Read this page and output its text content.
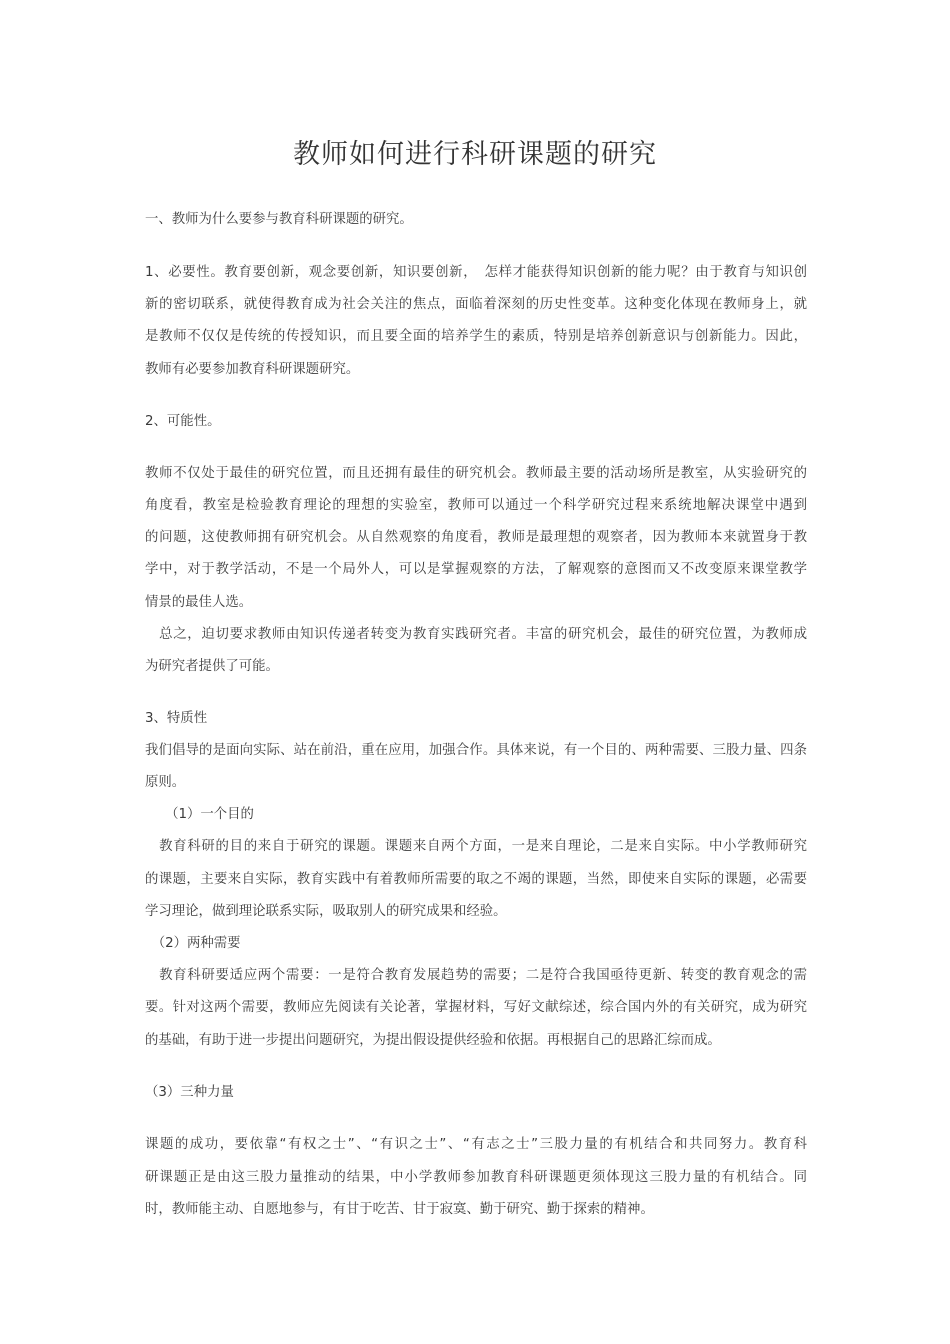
教师如何进行科研课题的研究

一、教师为什么要参与教育科研课题的研究。

1、必要性。教育要创新，观念要创新，知识要创新，　怎样才能获得知识创新的能力呢？由于教育与知识创

新的密切联系，就使得教育成为社会关注的焦点，面临着深刻的历史性变革。这种变化体现在教师身上，就

是教师不仅仅是传统的传授知识，而且要全面的培养学生的素质，特别是培养创新意识与创新能力。因此，

教师有必要参加教育科研课题研究。

2、可能性。

教师不仅处于最佳的研究位置，而且还拥有最佳的研究机会。教师最主要的活动场所是教室，从实验研究的

角度看，教室是检验教育理论的理想的实验室，教师可以通过一个科学研究过程来系统地解决课堂中遇到

的问题，这使教师拥有研究机会。从自然观察的角度看，教师是最理想的观察者，因为教师本来就置身于教

学中，对于教学活动，不是一个局外人，可以是掌握观察的方法，了解观察的意图而又不改变原来课堂教学

情景的最佳人选。

　总之，迫切要求教师由知识传递者转变为教育实践研究者。丰富的研究机会，最佳的研究位置，为教师成

为研究者提供了可能。

3、特质性

我们倡导的是面向实际、站在前沿，重在应用，加强合作。具体来说，有一个目的、两种需要、三股力量、四条

原则。

　　（1）一个目的

　教育科研的目的来自于研究的课题。课题来自两个方面，一是来自理论，二是来自实际。中小学教师研究

的课题，主要来自实际，教育实践中有着教师所需要的取之不竭的课题，当然，即使来自实际的课题，必需要

学习理论，做到理论联系实际，吸取别人的研究成果和经验。

　（2）两种需要

　教育科研要适应两个需要：一是符合教育发展趋势的需要；二是符合我国亟待更新、转变的教育观念的需

要。针对这两个需要，教师应先阅读有关论著，掌握材料，写好文献综述，综合国内外的有关研究，成为研究

的基础，有助于进一步提出问题研究，为提出假设提供经验和依据。再根据自己的思路汇综而成。

（3）三种力量

课题的成功，要依靠“有权之士”、“有识之士”、“有志之士”三股力量的有机结合和共同努力。教育科

研课题正是由这三股力量推动的结果，中小学教师参加教育科研课题更须体现这三股力量的有机结合。同

时，教师能主动、自愿地参与，有甘于吃苦、甘于寂寞、勤于研究、勤于探索的精神。
